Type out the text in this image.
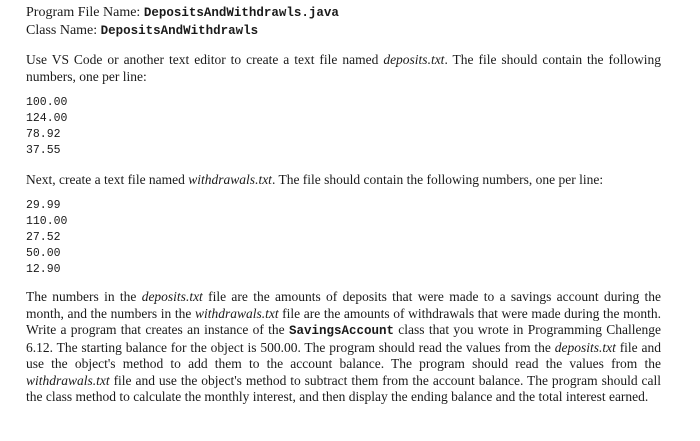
Program File Name: DepositsAndWithdrawls.java
Class Name: DepositsAndWithdrawls

Use VS Code or another text editor to create a text file named deposits.txt. The file should contain the following numbers, one per line:

100.00
124.00
78.92
37.55

Next, create a text file named withdrawals.txt. The file should contain the following numbers, one per line:

29.99
110.00
27.52
50.00
12.90

The numbers in the deposits.txt file are the amounts of deposits that were made to a savings account during the month, and the numbers in the withdrawals.txt file are the amounts of withdrawals that were made during the month. Write a program that creates an instance of the SavingsAccount class that you wrote in Programming Challenge 6.12. The starting balance for the object is 500.00. The program should read the values from the deposits.txt file and use the object's method to add them to the account balance. The program should read the values from the withdrawals.txt file and use the object's method to subtract them from the account balance. The program should call the class method to calculate the monthly interest, and then display the ending balance and the total interest earned.
